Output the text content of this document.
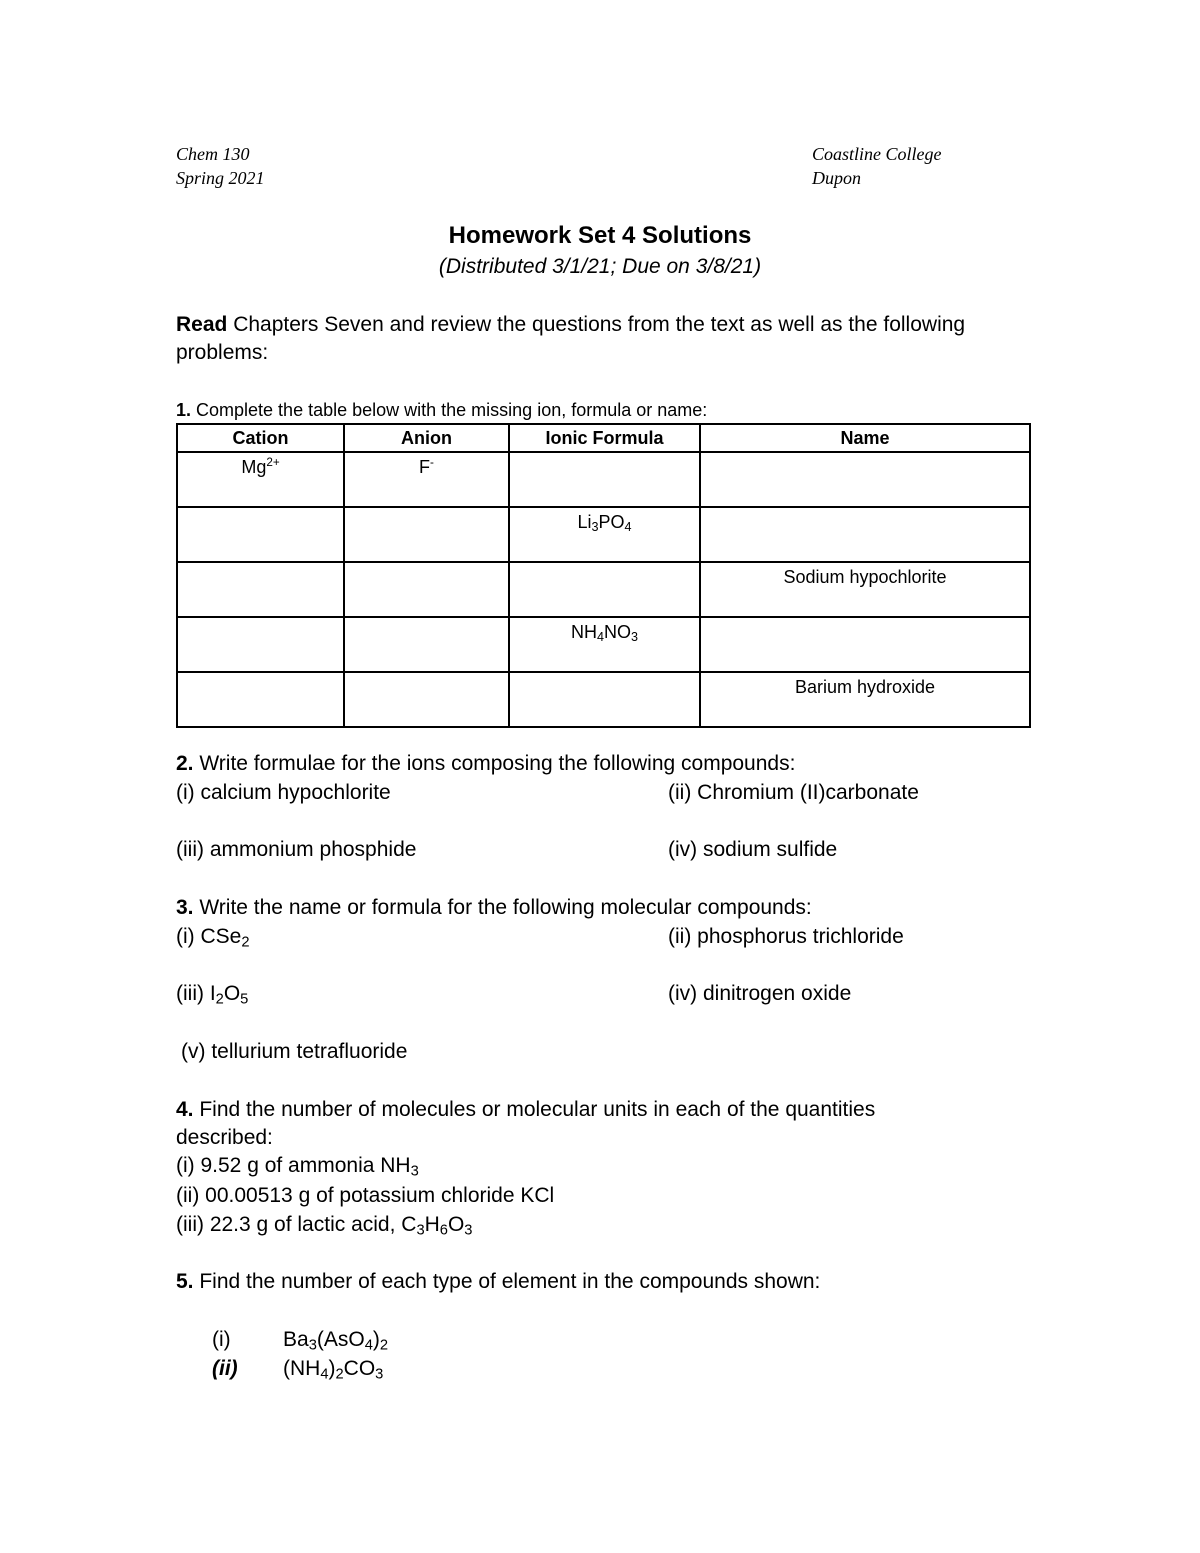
Chem 130
Spring 2021
Coastline College
Dupon
Homework Set 4 Solutions
(Distributed 3/1/21; Due on 3/8/21)
Read Chapters Seven and review the questions from the text as well as the following
problems:
1. Complete the table below with the missing ion, formula or name:
Cation	Anion	Ionic Formula	Name
$Mg^{2+}$	F-		
		$Li_3PO_4$	
			Sodium hypochlorite
		$NH_4NO_3$	
			Barium hydroxide
2. Write formulae for the ions composing the following compounds:
(i) calcium hypochlorite	(ii) Chromium (II)carbonate
(iii) ammonium phosphide	(iv) sodium sulfide
3. Write the name or formula for the following molecular compounds:
(i) CSe$_2$	(ii) phosphorus trichloride
(iii) $I_2O_5$	(iv) dinitrogen oxide
(v) tellurium tetrafluoride
4. Find the number of molecules or molecular units in each of the quantities
described:
(i) 9.52 g of ammonia $NH_3$
(ii) 00.00513 g of potassium chloride KCl
(iii) 22.3 g of lactic acid, $C_3H_6O_3$
5. Find the number of each type of element in the compounds shown:
(i) $Ba_3(AsO_4)_2$
(ii) $(NH_4)_2CO_3$
